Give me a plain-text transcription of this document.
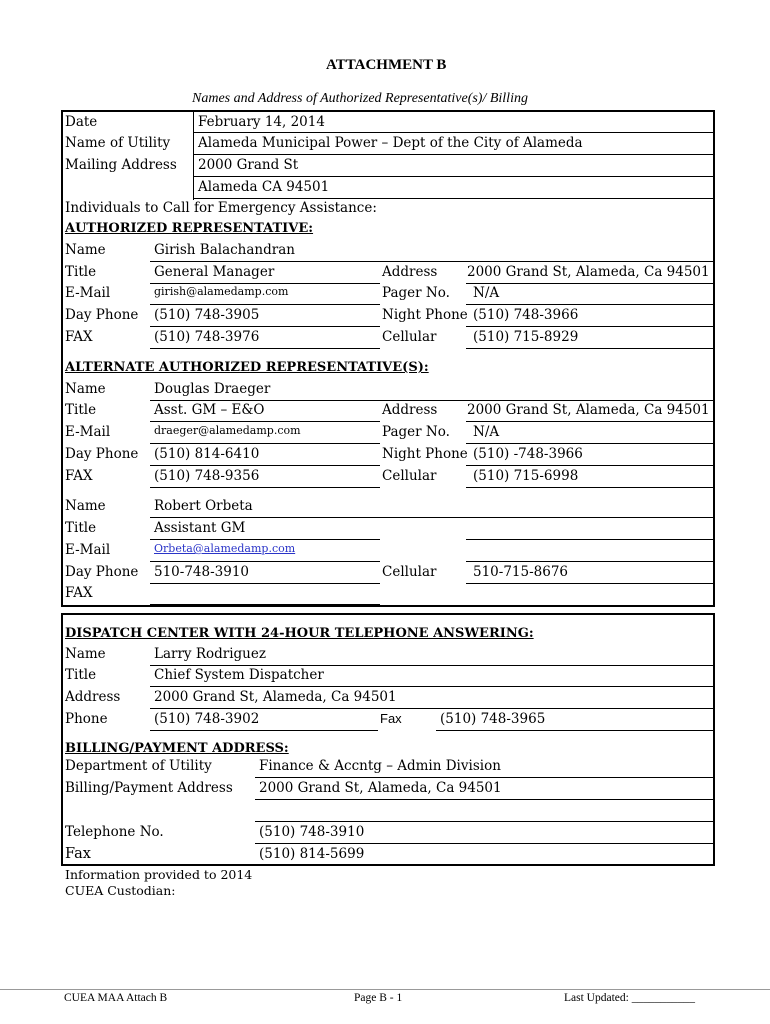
ATTACHMENT B
Names and Address of Authorized Representative(s)/ Billing
Date	February 14, 2014
Name of Utility Alameda Municipal Power – Dept of the City of Alameda
Mailing Address 2000 Grand St
Alameda CA 94501
Individuals to Call for Emergency Assistance:
AUTHORIZED REPRESENTATIVE:
Name	Girish Balachandran
Title	General Manager	Address 2000 Grand St, Alameda, Ca 94501
E-Mail	girish@alamedamp.com	Pager No. N/A
Day Phone (510) 748-3905	Night Phone (510) 748-3966
FAX	(510) 748-3976	Cellular	(510) 715-8929
ALTERNATE AUTHORIZED REPRESENTATIVE(S):
Name	Douglas Draeger
Title	Asst. GM – E&O	Address 2000 Grand St, Alameda, Ca 94501
E-Mail	draeger@alamedamp.com	Pager No. N/A
Day Phone (510) 814-6410	Night Phone (510) -748-3966
FAX	(510) 748-9356	Cellular	(510) 715-6998
Name	Robert Orbeta
Title	Assistant GM
E-Mail	Orbeta@alamedamp.com
Day Phone 510-748-3910	Cellular	510-715-8676
FAX
DISPATCH CENTER WITH 24-HOUR TELEPHONE ANSWERING:
Name	Larry Rodriguez
Title	Chief System Dispatcher
Address 2000 Grand St, Alameda, Ca 94501
Phone	(510) 748-3902	Fax	(510) 748-3965
BILLING/PAYMENT ADDRESS:
Department of Utility	Finance & Accntg – Admin Division
Billing/Payment Address 2000 Grand St, Alameda, Ca 94501
Telephone No.	(510) 748-3910
Fax	(510) 814-5699
Information provided to 2014
CUEA Custodian:
CUEA MAA Attach B	Page B - 1	Last Updated: ___________
